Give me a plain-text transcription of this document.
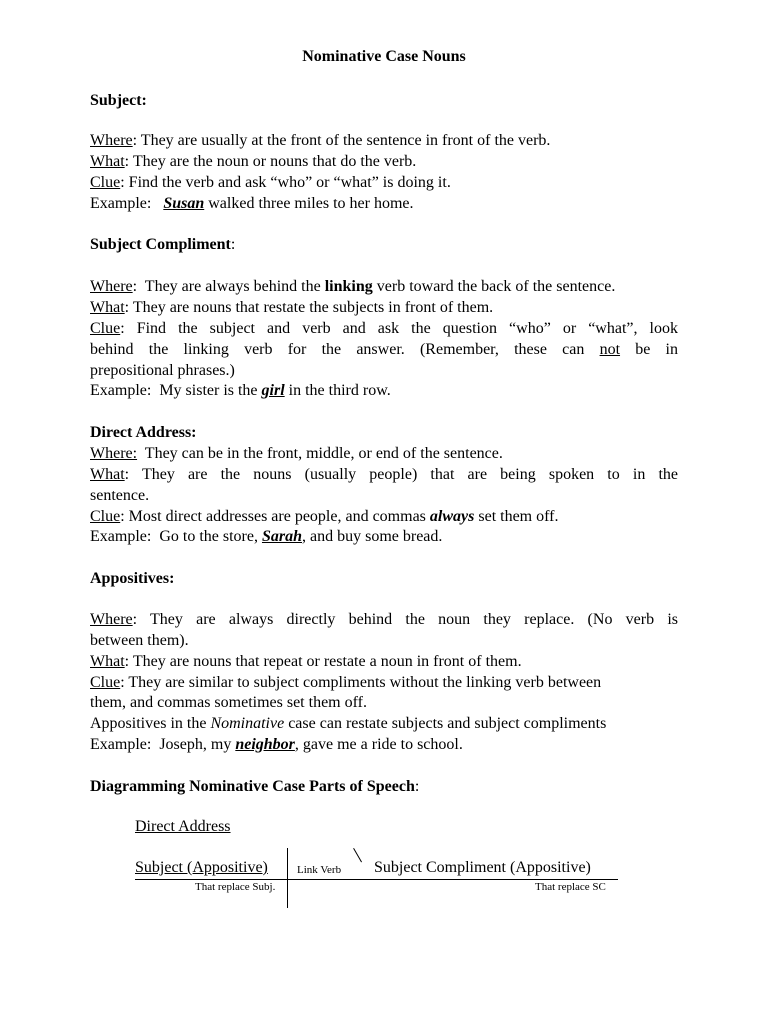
Nominative Case Nouns
Subject:
Where: They are usually at the front of the sentence in front of the verb.
What: They are the noun or nouns that do the verb.
Clue: Find the verb and ask “who” or “what” is doing it.
Example:   Susan walked three miles to her home.
Subject Compliment:
Where:  They are always behind the linking verb toward the back of the sentence.
What: They are nouns that restate the subjects in front of them.
Clue: Find the subject and verb and ask the question “who” or “what”, look
behind the linking verb for the answer. (Remember, these can not be in
prepositional phrases.)
Example:  My sister is the girl in the third row.
Direct Address:
Where:  They can be in the front, middle, or end of the sentence.
What: They are the nouns (usually people) that are being spoken to in the
sentence.
Clue: Most direct addresses are people, and commas always set them off.
Example:  Go to the store, Sarah, and buy some bread.
Appositives:
Where: They are always directly behind the noun they replace. (No verb is
between them).
What: They are nouns that repeat or restate a noun in front of them.
Clue: They are similar to subject compliments without the linking verb between
them, and commas sometimes set them off.
Appositives in the Nominative case can restate subjects and subject compliments
Example:  Joseph, my neighbor, gave me a ride to school.
Diagramming Nominative Case Parts of Speech:
Direct Address
Subject (Appositive)	Link Verb Subject Compliment (Appositive)
That replace Subj.	That replace SC
